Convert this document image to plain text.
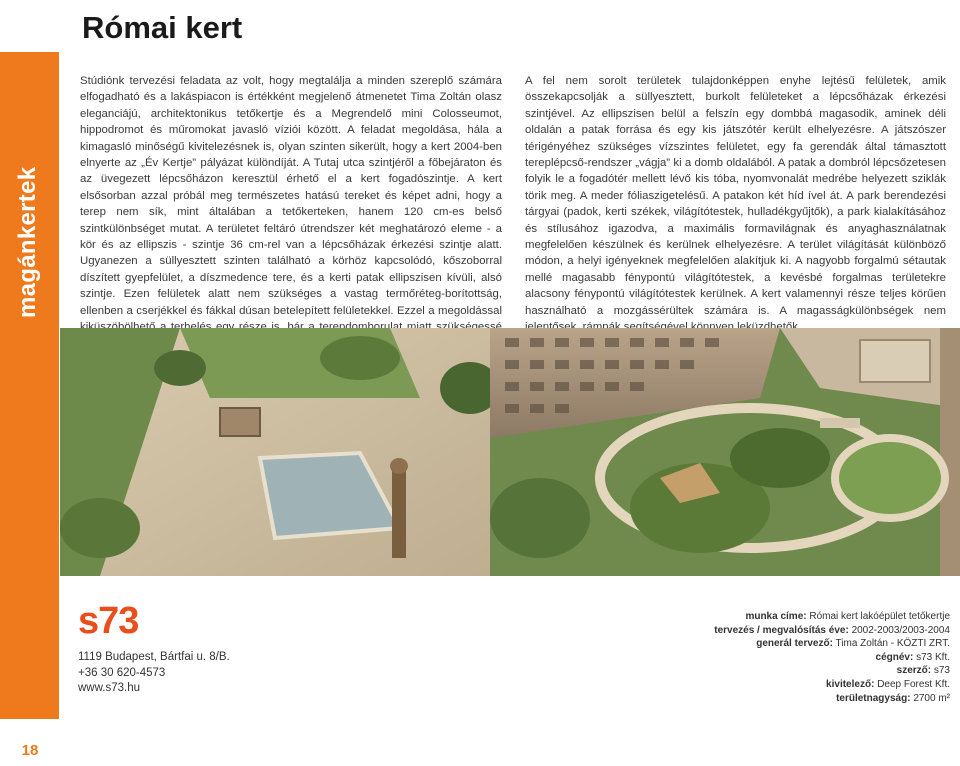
magánkertek
18
Római kert

Stúdiónk tervezési feladata az volt, hogy megtalálja a minden szereplő számára elfogadható és a lakáspiacon is értékként megjelenő átmenetet Tima Zoltán olasz eleganciájú, architektonikus tetőkertje és a Megrendelő mini Colosseumot, hippodromot és műromokat javasló víziói között. A feladat megoldása, hála a kimagasló minőségű kivitelezésnek is, olyan szinten sikerült, hogy a kert 2004-ben elnyerte az „Év Kertje” pályázat különdíját. A Tutaj utca szintjéről a főbejáraton és az üvegezett lépcsőházon keresztül érhető el a kert fogadószintje. A kert elsősorban azzal próbál meg természetes hatású tereket és képet adni, hogy a terep nem sík, mint általában a tetőkerteken, hanem 120 cm-es belső szintkülönbséget mutat. A területet feltáró útrendszer két meghatározó eleme - a kör és az ellipszis - szintje 36 cm-rel van a lépcsőházak érkezési szintje alatt. Ugyanezen a süllyesztett szinten található a körhöz kapcsolódó, kőszoborral díszített gyepfelület, a díszmedence tere, és a kerti patak ellipszisen kívüli, alsó szintje. Ezen felületek alatt nem szükséges a vastag termőréteg-borítottság, ellenben a cserjékkel és fákkal dúsan betelepített felületekkel. Ezzel a megoldással

A fel nem sorolt területek tulajdonképpen enyhe lejtésű felületek, amik összekapcsolják a süllyesztett, burkolt felületeket a lépcsőházak érkezési szintjével. Az ellipszisen belül a felszín egy dombbá magasodik, aminek déli oldalán a patak forrása és egy kis játszótér került elhelyezésre. A játszószer térigényéhez szükséges vízszintes felületet, egy fa gerendák által támasztott tereplépcső-rendszer „vágja” ki a domb oldalából. A patak a dombról lépcsőzetesen folyik le a fogadótér mellett lévő kis tóba, nyomvonalát medrébe helyezett sziklák törik meg. A meder fóliaszigetelésű. A patakon két híd ível át. A park berendezési tárgyai (padok, kerti székek, világítótestek, hulladékgyűjtők), a park kialakításához és stílusához igazodva, a maximális formavilágnak és anyaghasználatnak megfelelően készülnek és kerülnek elhelyezésre. A terület világítását különböző módon, a helyi igényeknek megfelelően alakítjuk ki. A nagyobb forgalmú sétautak mellé magasabb fénypontú világítótestek, a kevésbé forgalmas területekre alacsony fénypontú világítótestek kerülnek. A kert valamennyi része teljes körűen használható a mozgássérültek számára is. A magasságkülönbségek nem

s73
1119 Budapest, Bártfai u. 8/B.
+36 30 620-4573
www.s73.hu
munka címe: Római kert lakóépület tetőkertje
tervezés / megvalósítás éve: 2002-2003/2003-2004
generál tervező: Tima Zoltán - KÖZTI ZRT.
cégnév: s73 Kft.
szerző: s73
kivitelező: Deep Forest Kft.
területnagyság: 2700 m²
